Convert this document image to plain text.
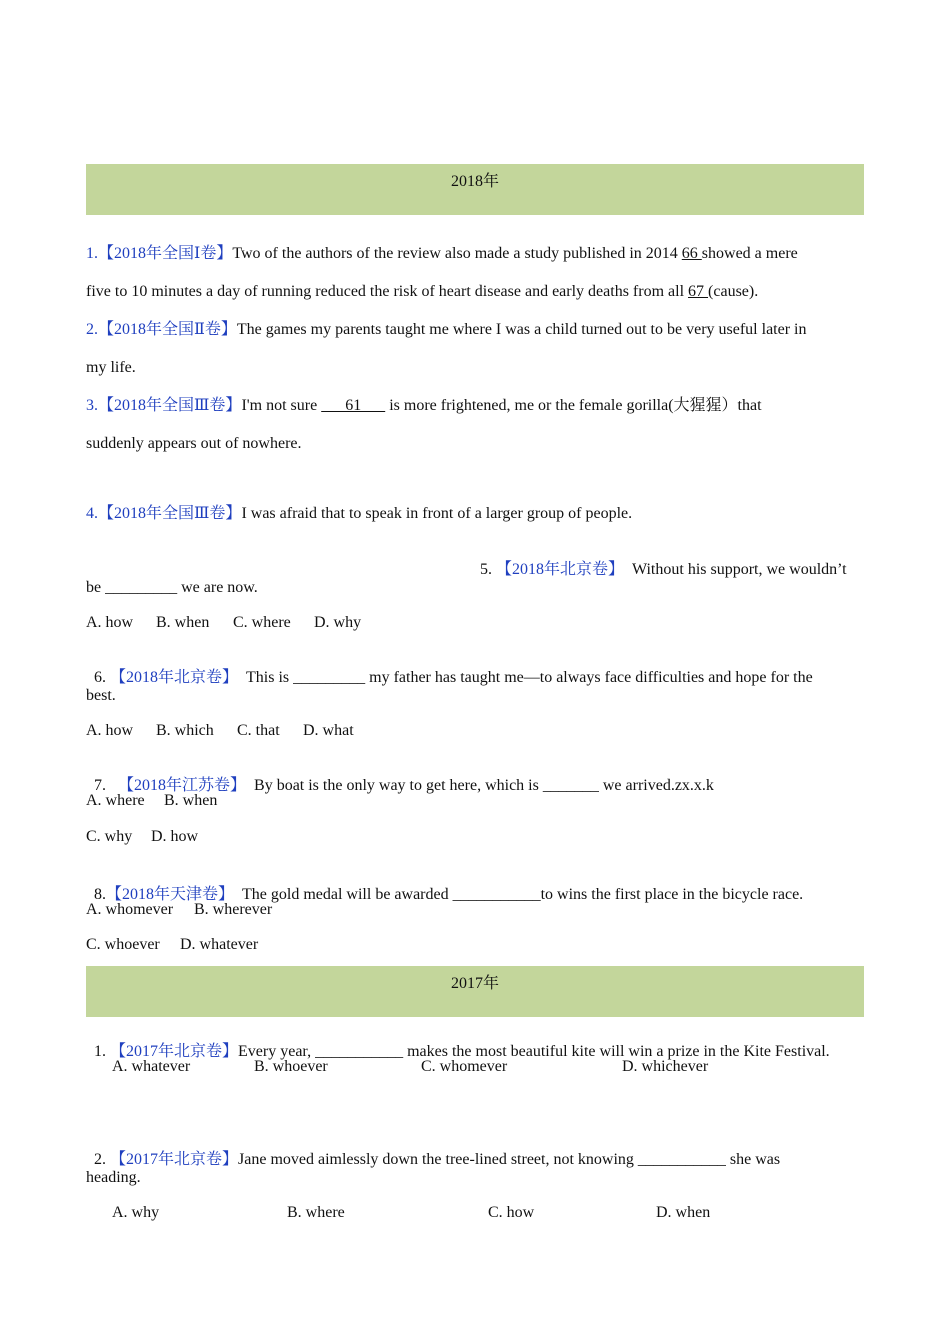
2018年
1.【2018年全国Ⅰ卷】Two of the authors of the review also made a study published in 2014 66 showed a mere
five to 10 minutes a day of running reduced the risk of heart disease and early deaths from all 67 (cause).
2.【2018年全国Ⅱ卷】The games my parents taught me where I was a child turned out to be very useful later in
my life.
3.【2018年全国Ⅲ卷】I'm not sure       61       is more frightened, me or the female gorilla(大猩猩）that
suddenly appears out of nowhere.
4.【2018年全国Ⅲ卷】I was afraid that to speak in front of a larger group of people.

5. 【2018年北京卷】  Without his support, we wouldn’t

be _________ we are now.
A. how B. when C. where D. why

6. 【2018年北京卷】  This is _________ my father has taught me—to always face difficulties and hope for the

best.
A. how B. which C. that D. what

7.   【2018年江苏卷】  By boat is the only way to get here, which is _______ we arrived.zx.x.k

A. where B. when
C. why D. how

8.【2018年天津卷】  The gold medal will be awarded ___________to wins the first place in the bicycle race.

A. whomever B. wherever
C. whoever D. whatever
2017年

1. 【2017年北京卷】Every year, ___________ makes the most beautiful kite will win a prize in the Kite Festival.

A. whatever	B. whoever	C. whomever	D. whichever

2. 【2017年北京卷】Jane moved aimlessly down the tree-lined street, not knowing ___________ she was

heading.
A. why	B. where	C. how	D. when
